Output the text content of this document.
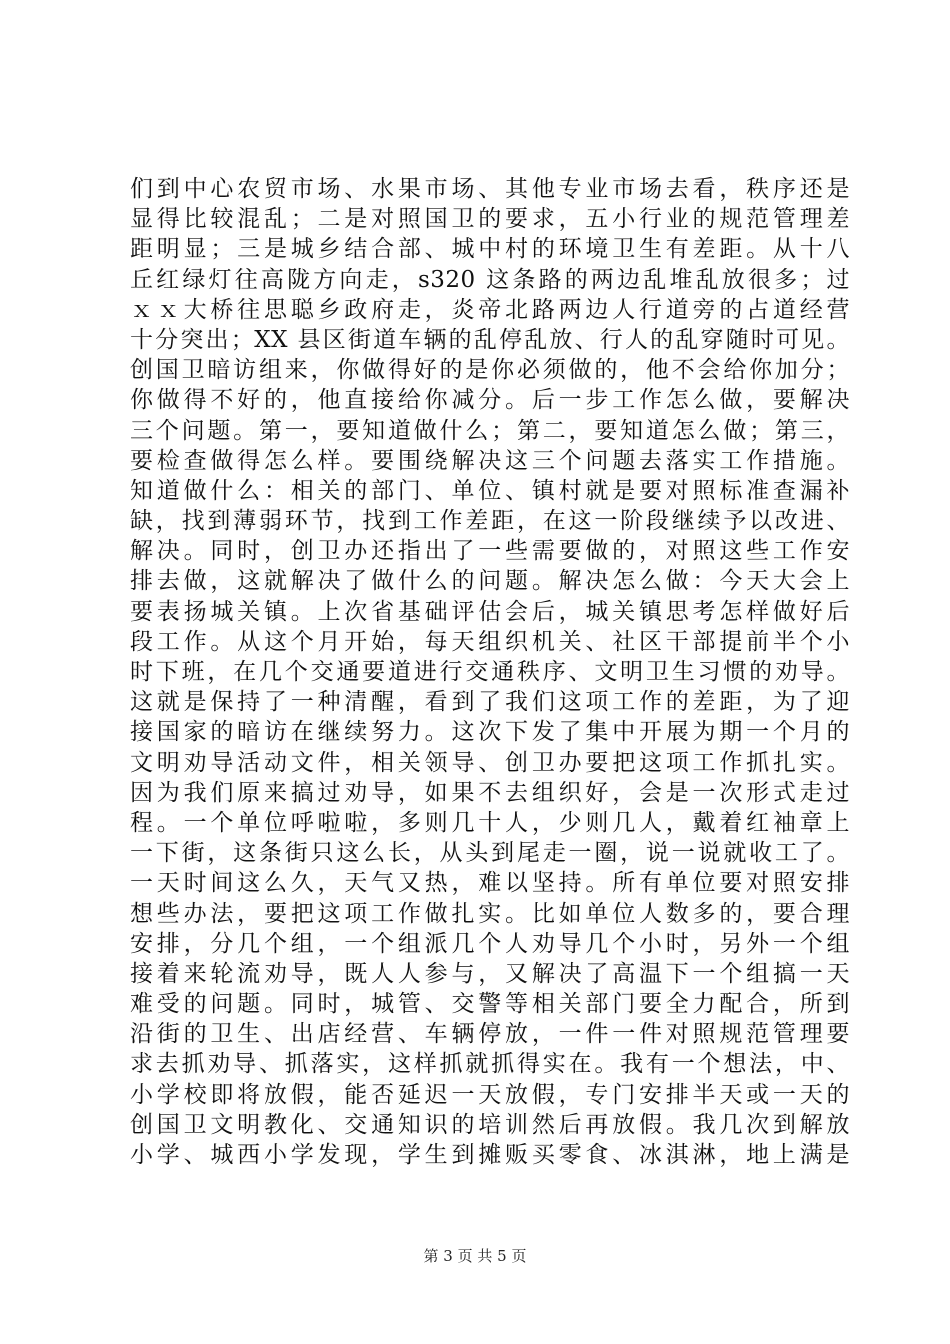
们到中心农贸市场、水果市场、其他专业市场去看，秩序还是
显得比较混乱；二是对照国卫的要求，五小行业的规范管理差
距明显；三是城乡结合部、城中村的环境卫生有差距。从十八
丘红绿灯往高陇方向走，s320 这条路的两边乱堆乱放很多；过
ｘｘ大桥往思聪乡政府走，炎帝北路两边人行道旁的占道经营
十分突出；XX 县区街道车辆的乱停乱放、行人的乱穿随时可见。
创国卫暗访组来，你做得好的是你必须做的，他不会给你加分；
你做得不好的，他直接给你减分。后一步工作怎么做，要解决
三个问题。第一，要知道做什么；第二，要知道怎么做；第三，
要检查做得怎么样。要围绕解决这三个问题去落实工作措施。
知道做什么：相关的部门、单位、镇村就是要对照标准查漏补
缺，找到薄弱环节，找到工作差距，在这一阶段继续予以改进、
解决。同时，创卫办还指出了一些需要做的，对照这些工作安
排去做，这就解决了做什么的问题。解决怎么做：今天大会上
要表扬城关镇。上次省基础评估会后，城关镇思考怎样做好后
段工作。从这个月开始，每天组织机关、社区干部提前半个小
时下班，在几个交通要道进行交通秩序、文明卫生习惯的劝导。
这就是保持了一种清醒，看到了我们这项工作的差距，为了迎
接国家的暗访在继续努力。这次下发了集中开展为期一个月的
文明劝导活动文件，相关领导、创卫办要把这项工作抓扎实。
因为我们原来搞过劝导，如果不去组织好，会是一次形式走过
程。一个单位呼啦啦，多则几十人，少则几人，戴着红袖章上
一下街，这条街只这么长，从头到尾走一圈，说一说就收工了。
一天时间这么久，天气又热，难以坚持。所有单位要对照安排
想些办法，要把这项工作做扎实。比如单位人数多的，要合理
安排，分几个组，一个组派几个人劝导几个小时，另外一个组
接着来轮流劝导，既人人参与，又解决了高温下一个组搞一天
难受的问题。同时，城管、交警等相关部门要全力配合，所到
沿街的卫生、出店经营、车辆停放，一件一件对照规范管理要
求去抓劝导、抓落实，这样抓就抓得实在。我有一个想法，中、
小学校即将放假，能否延迟一天放假，专门安排半天或一天的
创国卫文明教化、交通知识的培训然后再放假。我几次到解放
小学、城西小学发现，学生到摊贩买零食、冰淇淋，地上满是
第 3 页 共 5 页
